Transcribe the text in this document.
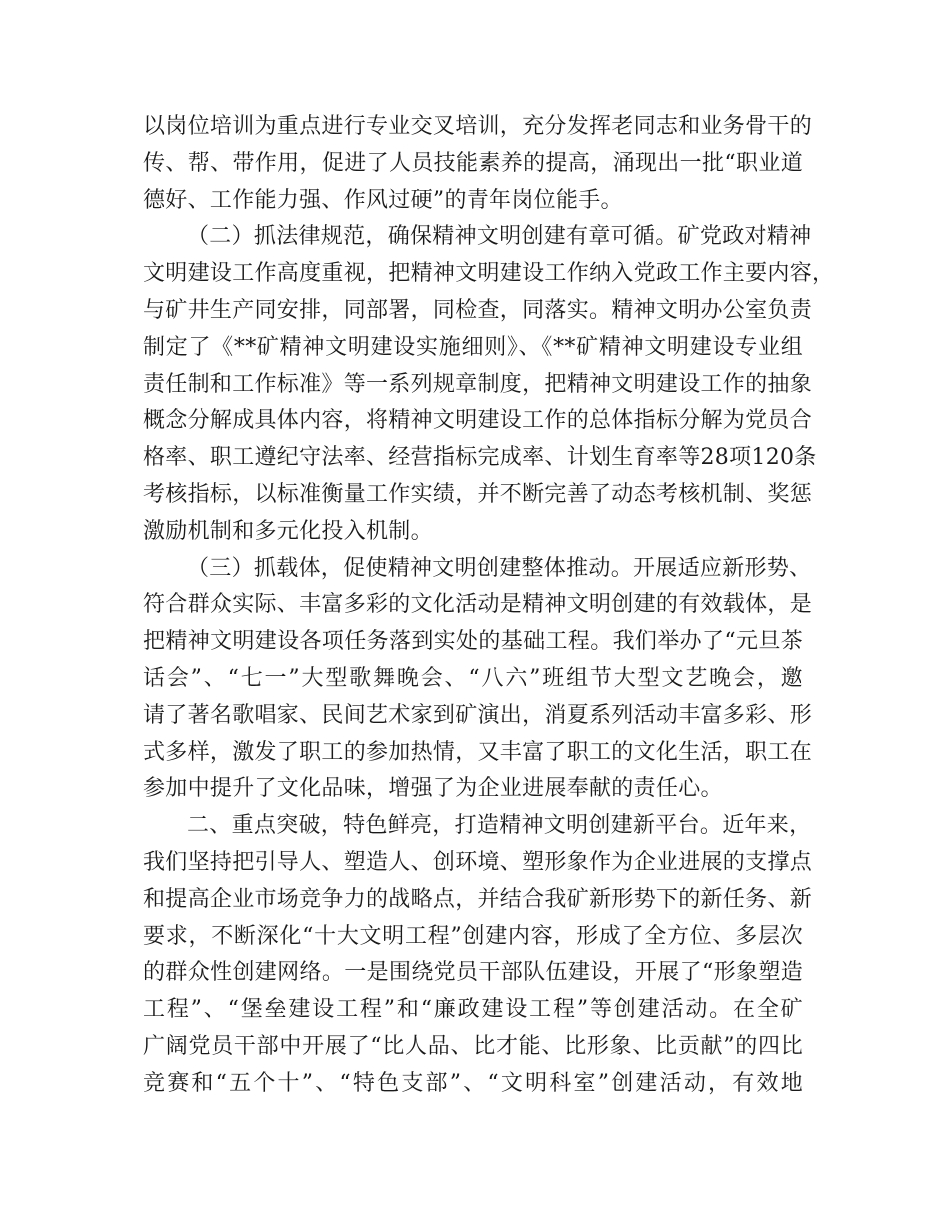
以岗位培训为重点进行专业交叉培训，充分发挥老同志和业务骨干的
传、帮、带作用，促进了人员技能素养的提高，涌现出一批“职业道
德好、工作能力强、作风过硬”的青年岗位能手。
（二）抓法律规范，确保精神文明创建有章可循。矿党政对精神
文明建设工作高度重视，把精神文明建设工作纳入党政工作主要内容，
与矿井生产同安排，同部署，同检查，同落实。精神文明办公室负责
制定了《**矿精神文明建设实施细则》、《**矿精神文明建设专业组
责任制和工作标准》等一系列规章制度，把精神文明建设工作的抽象
概念分解成具体内容，将精神文明建设工作的总体指标分解为党员合
格率、职工遵纪守法率、经营指标完成率、计划生育率等28项120条
考核指标，以标准衡量工作实绩，并不断完善了动态考核机制、奖惩
激励机制和多元化投入机制。
（三）抓载体，促使精神文明创建整体推动。开展适应新形势、
符合群众实际、丰富多彩的文化活动是精神文明创建的有效载体，是
把精神文明建设各项任务落到实处的基础工程。我们举办了“元旦茶
话会”、“七一”大型歌舞晚会、“八六”班组节大型文艺晚会，邀
请了著名歌唱家、民间艺术家到矿演出，消夏系列活动丰富多彩、形
式多样，激发了职工的参加热情，又丰富了职工的文化生活，职工在
参加中提升了文化品味，增强了为企业进展奉献的责任心。
二、重点突破，特色鲜亮，打造精神文明创建新平台。近年来，
我们坚持把引导人、塑造人、创环境、塑形象作为企业进展的支撑点
和提高企业市场竞争力的战略点，并结合我矿新形势下的新任务、新
要求，不断深化“十大文明工程”创建内容，形成了全方位、多层次
的群众性创建网络。一是围绕党员干部队伍建设，开展了“形象塑造
工程”、“堡垒建设工程”和“廉政建设工程”等创建活动。在全矿
广阔党员干部中开展了“比人品、比才能、比形象、比贡献”的四比
竞赛和“五个十”、“特色支部”、“文明科室”创建活动，有效地
